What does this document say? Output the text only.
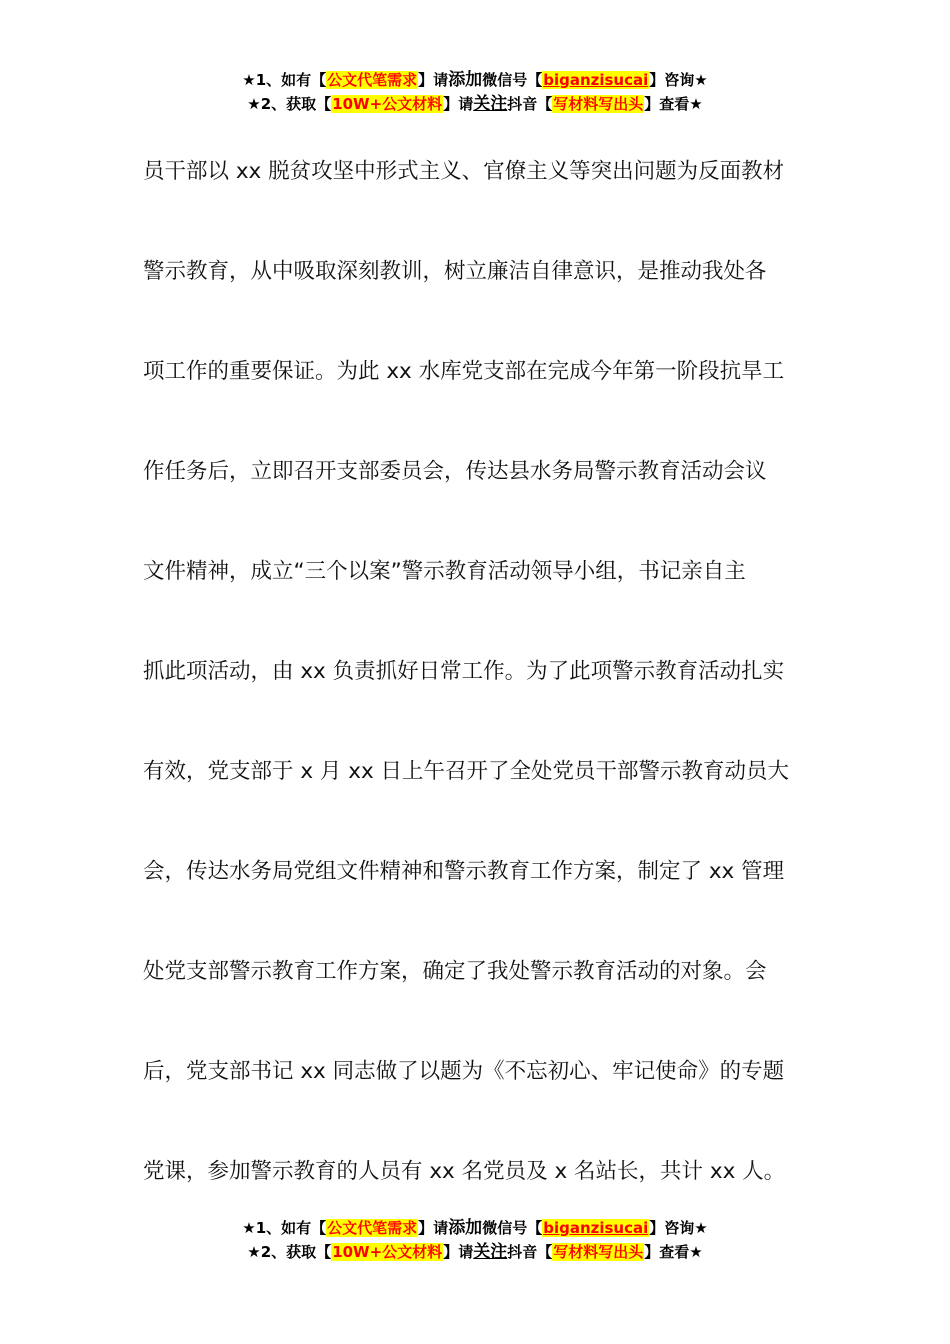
★1、如有【公文代笔需求】请添加微信号【biganzisucai】咨询★
★2、获取【10W+公文材料】请关注抖音【写材料写出头】查看★
员干部以 xx 脱贫攻坚中形式主义、官僚主义等突出问题为反面教材
警示教育，从中吸取深刻教训，树立廉洁自律意识，是推动我处各
项工作的重要保证。为此 xx 水库党支部在完成今年第一阶段抗旱工
作任务后，立即召开支部委员会，传达县水务局警示教育活动会议
文件精神，成立“三个以案”警示教育活动领导小组，书记亲自主
抓此项活动，由 xx 负责抓好日常工作。为了此项警示教育活动扎实
有效，党支部于 x 月 xx 日上午召开了全处党员干部警示教育动员大
会，传达水务局党组文件精神和警示教育工作方案，制定了 xx 管理
处党支部警示教育工作方案，确定了我处警示教育活动的对象。会
后，党支部书记 xx 同志做了以题为《不忘初心、牢记使命》的专题
党课，参加警示教育的人员有 xx 名党员及 x 名站长，共计 xx 人。
★1、如有【公文代笔需求】请添加微信号【biganzisucai】咨询★
★2、获取【10W+公文材料】请关注抖音【写材料写出头】查看★
